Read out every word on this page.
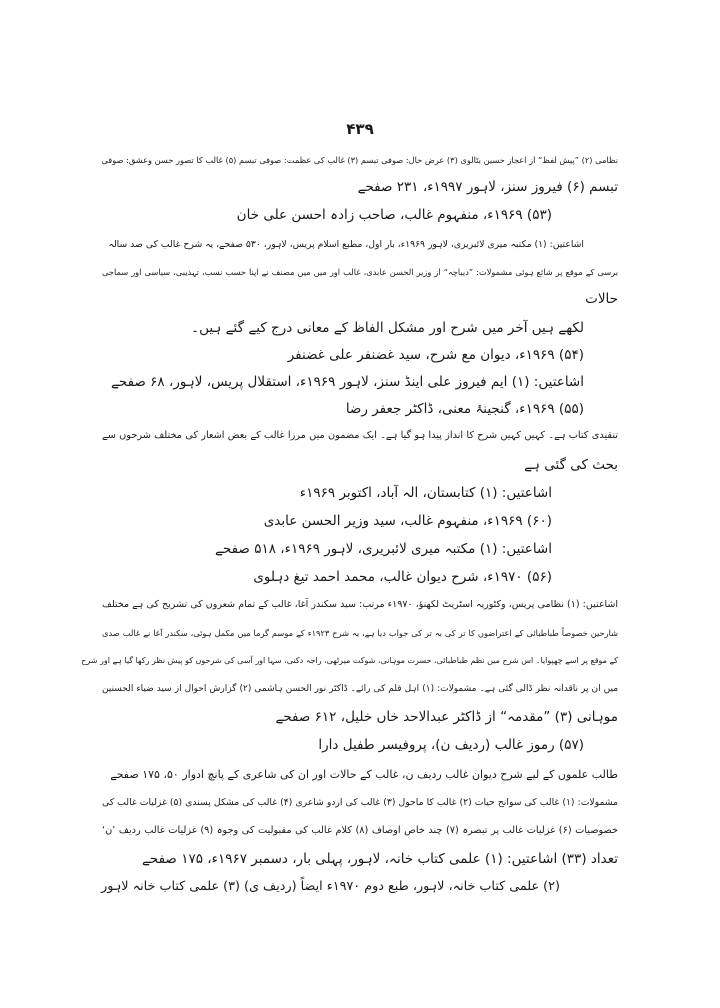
۴۳۹
نظامی (۲) ”پیش لفظ“ از اعجاز حسین بٹالوی (۳) عرض حال: صوفی تبسم (۳) غالب کی عظمت: صوفی تبسم (۵) غالب کا تصور حسن وعشق: صوفی
تبسم (۶) فیروز سنز، لاہور ۱۹۹۷ء، ۲۳۱ صفحے
(۵۳) ۱۹۶۹ء، منفہوم غالب، صاحب زادہ احسن علی خان
اشاعتیں: (۱) مکتبہ میری لائبریری، لاہور ۱۹۶۹ء، بار اول، مطبع اسلام پریس، لاہور، ۵۳۰ صفحے، یہ شرح غالب کی صد سالہ
برسی کے موقع پر شائع ہوئی مشمولات: ”دیباچہ“ از وزیر الحسن عابدی، غالب اور میں میں مصنف نے اپنا حسب نسب، تہذیبی، سیاسی اور سماجی
حالات
لکھے ہیں آخر میں شرح اور مشکل الفاظ کے معانی درج کیے گئے ہیں۔
(۵۴) ۱۹۶۹ء، دیوان مع شرح، سید غضنفر علی غضنفر
اشاعتیں: (۱) ایم فیروز علی اینڈ سنز، لاہور ۱۹۶۹ء، استقلال پریس، لاہور، ۶۸ صفحے
(۵۵) ۱۹۶۹ء، گنجینۂ معنی، ڈاکٹر جعفر رضا
تنقیدی کتاب ہے۔ کہیں کہیں شرح کا انداز پیدا ہو گیا ہے۔ ایک مضمون میں مرزا غالب کے بعض اشعار کی مختلف شرحوں سے
بحث کی گئی ہے
اشاعتیں: (۱) کتابستان، الہ آباد، اکتوبر ۱۹۶۹ء
(۶۰) ۱۹۶۹ء، منفہوم غالب، سید وزیر الحسن عابدی
اشاعتیں: (۱) مکتبہ میری لائبریری، لاہور ۱۹۶۹ء، ۵۱۸ صفحے
(۵۶) ۱۹۷۰ء، شرح دیوان غالب، محمد احمد تیغ دہلوی
اشاعتیں: (۱) نظامی پریس، وکٹوریہ اسٹریٹ لکھنؤ، ۱۹۷۰ء مرتب: سید سکندر آغا، غالب کے تمام شعروں کی تشریح کی ہے مختلف
شارحین خصوصاً طباطبائی کے اعتراضوں کا تر کی بہ تر کی جواب دیا ہے، یہ شرح ۱۹۲۳ء کے موسم گرما میں مکمل ہوئی، سکندر آغا نے غالب صدی
کے موقع پر اسے چھپوایا۔ اس شرح میں نظم طباطبائی، حسرت موہانی، شوکت میرٹھی، راجہ دکنی، سہا اور آسی کی شرحوں کو پیش نظر رکھا گیا ہے اور شرح
میں ان پر ناقدانہ نظر ڈالی گئی ہے۔ مشمولات: (۱) اہل قلم کی رائے۔ ڈاکٹر نور الحسن ہاشمی (۲) گزارش احوال از سید ضیاء الحسنین
موہانی (۳) ”مقدمہ“ از ڈاکٹر عبدالاحد خاں خلیل، ۶۱۲ صفحے
(۵۷) رموز غالب (ردیف ن)، پروفیسر طفیل دارا
طالب علموں کے لیے شرح دیوان غالب ردیف ن، غالب کے حالات اور ان کی شاعری کے پانچ ادوار ۵۰، ۱۷۵ صفحے
مشمولات: (۱) غالب کی سوانح حیات (۲) غالب کا ماحول (۳) غالب کی اردو شاعری (۴) غالب کی مشکل پسندی (۵) غزلیات غالب کی
خصوصیات (۶) غزلیات غالب پر تبصرہ (۷) چند خاص اوصاف (۸) کلام غالب کی مقبولیت کی وجوہ (۹) غزلیات غالب ردیف ’ن‘
تعداد (۳۳) اشاعتیں: (۱) علمی کتاب خانہ، لاہور، پہلی بار، دسمبر ۱۹۶۷ء، ۱۷۵ صفحے
(۲) علمی کتاب خانہ، لاہور، طبع دوم ۱۹۷۰ء ایضاً (ردیف ی) (۳) علمی کتاب خانہ لاہور
